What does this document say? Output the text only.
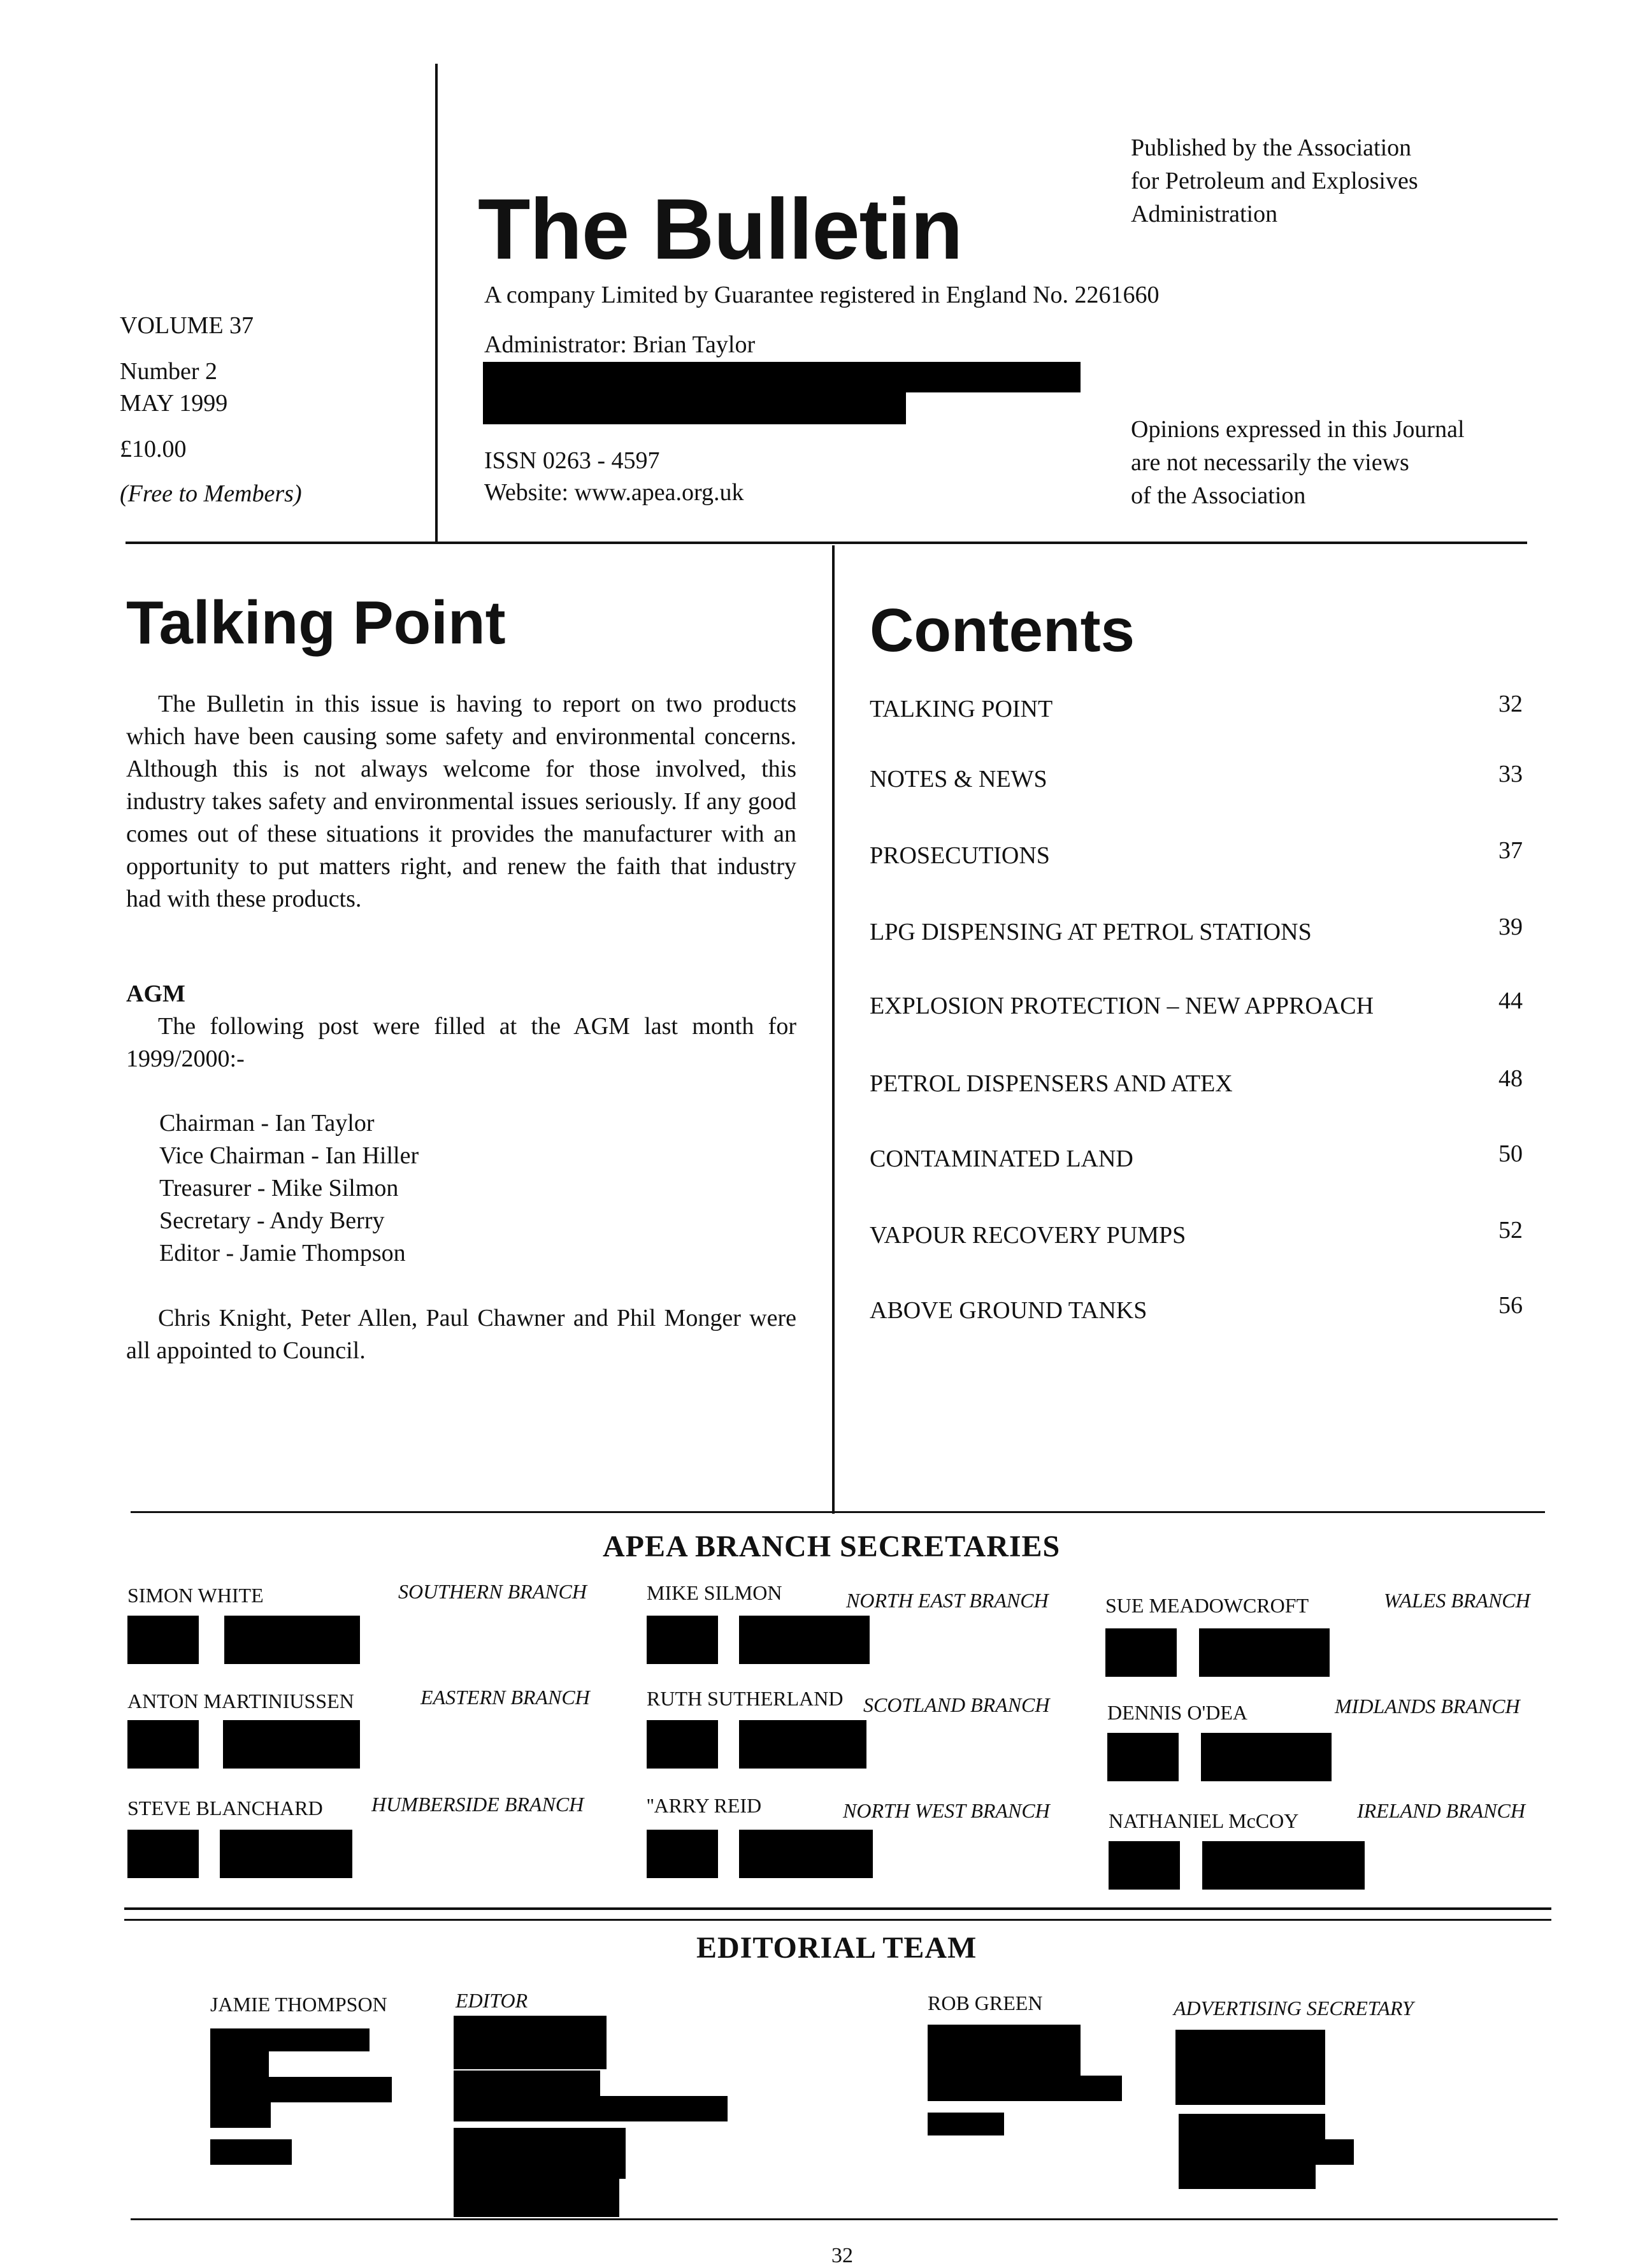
VOLUME 37
Number 2
MAY 1999
£10.00
(Free to Members)
The Bulletin
Published by the Association
for Petroleum and Explosives
Administration
A company Limited by Guarantee registered in England No. 2261660
Administrator: Brian Taylor
ISSN 0263 - 4597
Website: www.apea.org.uk
Opinions expressed in this Journal
are not necessarily the views
of the Association
Talking Point

The Bulletin in this issue is having to report on two products which have been causing some safety and environmental concerns. Although this is not always welcome for those involved, this industry takes safety and environmental issues seriously. If any good comes out of these situations it provides the manufacturer with an opportunity to put matters right, and renew the faith that industry had with these products.

AGM

The following post were filled at the AGM last month for 1999/2000:-

Chairman - Ian Taylor
Vice Chairman - Ian Hiller
Treasurer - Mike Silmon
Secretary - Andy Berry
Editor - Jamie Thompson

Chris Knight, Peter Allen, Paul Chawner and Phil Monger were all appointed to Council.

Contents
TALKING POINT	32
NOTES & NEWS	33
PROSECUTIONS	37
LPG DISPENSING AT PETROL STATIONS	39
EXPLOSION PROTECTION – NEW APPROACH	44
PETROL DISPENSERS AND ATEX	48
CONTAMINATED LAND	50
VAPOUR RECOVERY PUMPS	52
ABOVE GROUND TANKS	56
APEA BRANCH SECRETARIES
SIMON WHITE	SOUTHERN BRANCH	MIKE SILMON	NORTH EAST BRANCH	SUE MEADOWCROFT	WALES BRANCH
ANTON MARTINIUSSEN	EASTERN BRANCH	RUTH SUTHERLAND SCOTLAND BRANCH	DENNIS O'DEA	MIDLANDS BRANCH
STEVE BLANCHARD HUMBERSIDE BRANCH	''ARRY REID	NORTH WEST BRANCH	NATHANIEL McCOY	IRELAND BRANCH
EDITORIAL TEAM
JAMIE THOMPSON	EDITOR	ROB GREEN	ADVERTISING SECRETARY
32
